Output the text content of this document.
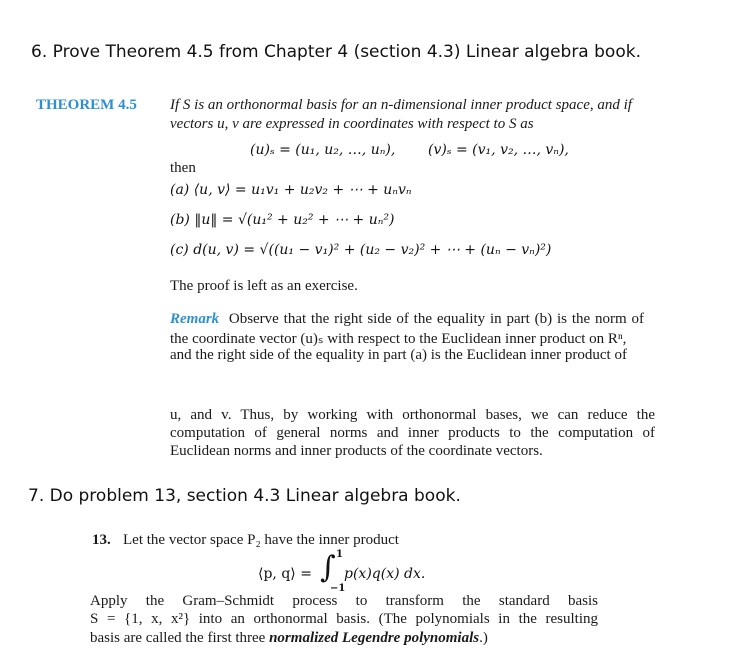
6. Prove Theorem 4.5 from Chapter 4 (section 4.3) Linear algebra book.
THEOREM 4.5 If S is an orthonormal basis for an n-dimensional inner product space, and if
vectors u, v are expressed in coordinates with respect to S as
(u)ₛ = (u₁, u₂, …, uₙ), (v)ₛ = (v₁, v₂, …, vₙ),
then
(a) ⟨u, v⟩ = u₁v₁ + u₂v₂ + ⋯ + uₙvₙ
(b) ‖u‖ = √(u₁² + u₂² + ⋯ + uₙ²)
(c) d(u, v) = √((u₁ − v₁)² + (u₂ − v₂)² + ⋯ + (uₙ − vₙ)²)
The proof is left as an exercise.
Remark Observe that the right side of the equality in part (b) is the norm of
the coordinate vector (u)ₛ with respect to the Euclidean inner product on Rⁿ,
and the right side of the equality in part (a) is the Euclidean inner product of
u, and v. Thus, by working with orthonormal bases, we can reduce the
computation of general norms and inner products to the computation of
Euclidean norms and inner products of the coordinate vectors.
7. Do problem 13, section 4.3 Linear algebra book.
13. Let the vector space P₂ have the inner product
⟨p, q⟩ = ∫ 1
−1
p(x)q(x) dx.
Apply the Gram–Schmidt process to transform the standard basis
S = {1, x, x²} into an orthonormal basis. (The polynomials in the resulting
basis are called the first three normalized Legendre polynomials.)
